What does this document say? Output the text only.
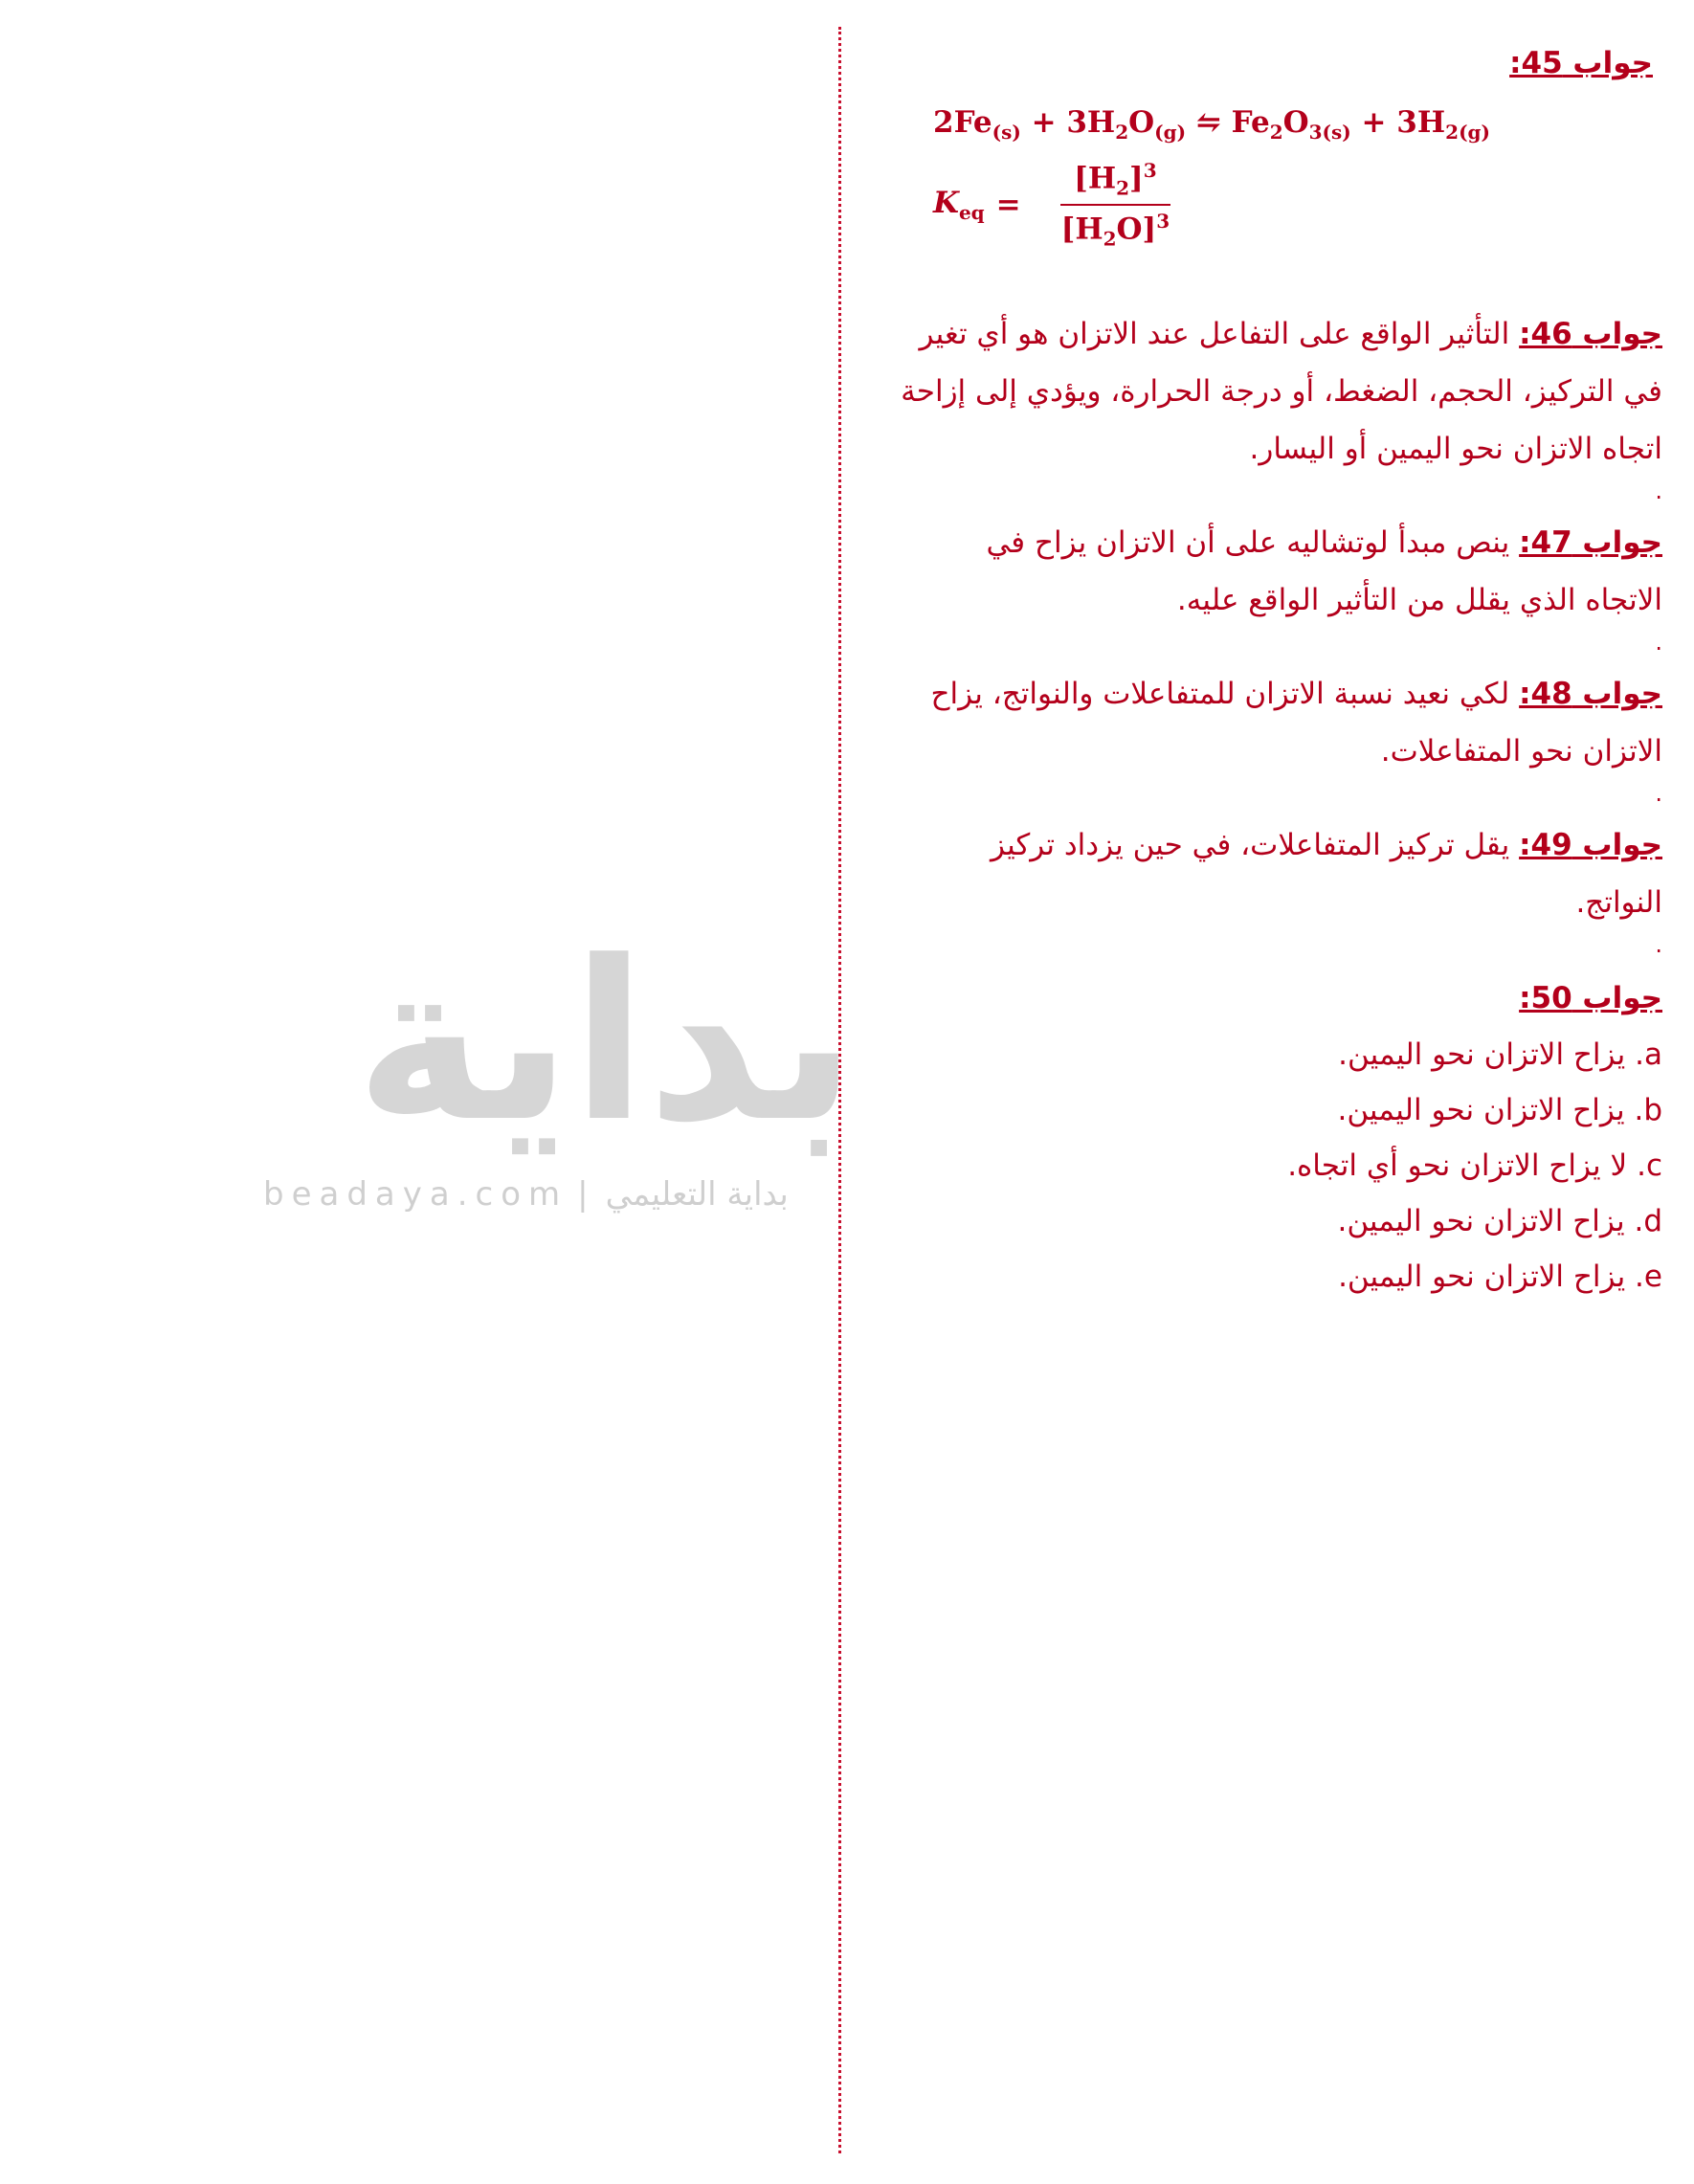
بداية
beadaya.com | بداية التعليمي
جواب 45:
$2Fe_{(s)} + 3H_2O_{(g)}$ ⇋ $Fe_2O_{3(s)} + 3H_{2(g)}$
$K_{eq} = \frac{[H_2]^3}{[H_2O]^3}$
جواب 46: التأثير الواقع على التفاعل عند الاتزان هو أي تغير في التركيز، الحجم، الضغط، أو درجة الحرارة، ويؤدي إلى إزاحة اتجاه الاتزان نحو اليمين أو اليسار.
.
جواب 47: ينص مبدأ لوتشاليه على أن الاتزان يزاح في الاتجاه الذي يقلل من التأثير الواقع عليه.
.
جواب 48: لكي نعيد نسبة الاتزان للمتفاعلات والنواتج، يزاح الاتزان نحو المتفاعلات.
.
جواب 49: يقل تركيز المتفاعلات، في حين يزداد تركيز النواتج.
.
جواب 50:
a. يزاح الاتزان نحو اليمين.
b. يزاح الاتزان نحو اليمين.
c. لا يزاح الاتزان نحو أي اتجاه.
d. يزاح الاتزان نحو اليمين.
e. يزاح الاتزان نحو اليمين.
